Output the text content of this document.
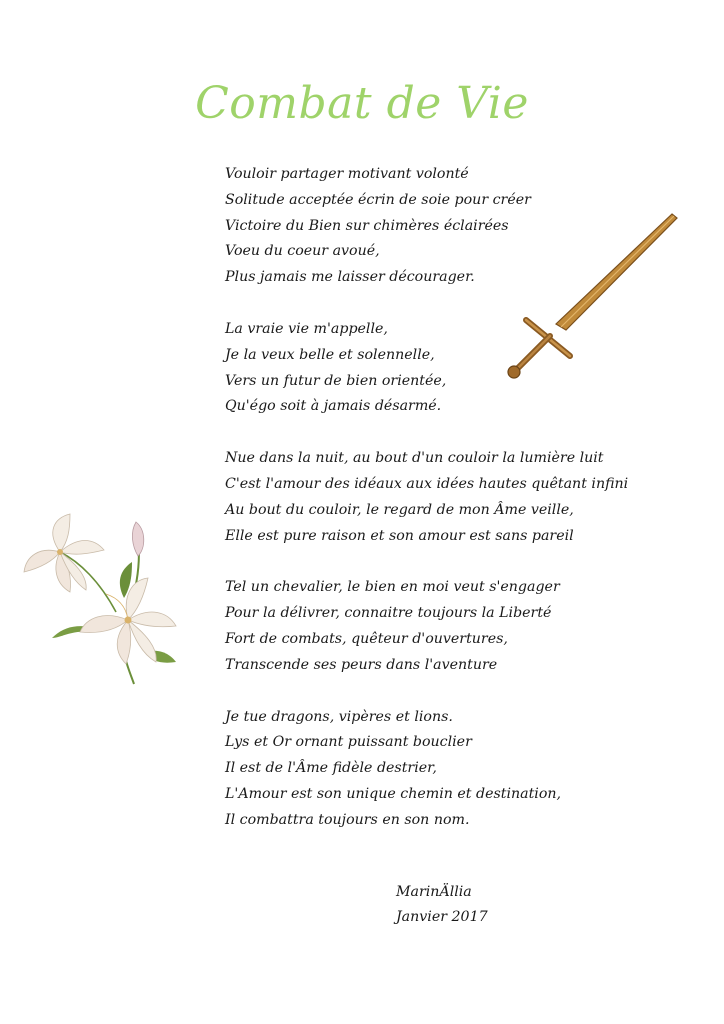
Combat de Vie
Vouloir partager motivant volonté
Solitude acceptée écrin de soie pour créer
Victoire du Bien sur chimères éclairées
Voeu du coeur avoué,
Plus jamais me laisser décourager.
La vraie vie m'appelle,
Je la veux belle et solennelle,
Vers un futur de bien orientée,
Qu'égo soit à jamais désarmé.
Nue dans la nuit, au bout d'un couloir la lumière luit
C'est l'amour des idéaux aux idées hautes quêtant infini
Au bout du couloir, le regard de mon Âme veille,
Elle est pure raison et son amour est sans pareil
Tel un chevalier, le bien en moi veut s'engager
Pour la délivrer, connaitre toujours la Liberté
Fort de combats, quêteur d'ouvertures,
Transcende ses peurs dans l'aventure
Je tue dragons, vipères et lions.
Lys et Or ornant puissant bouclier
Il est de l'Âme fidèle destrier,
L'Amour est son unique chemin et destination,
Il combattra toujours en son nom.
MarinÄllia
Janvier 2017
